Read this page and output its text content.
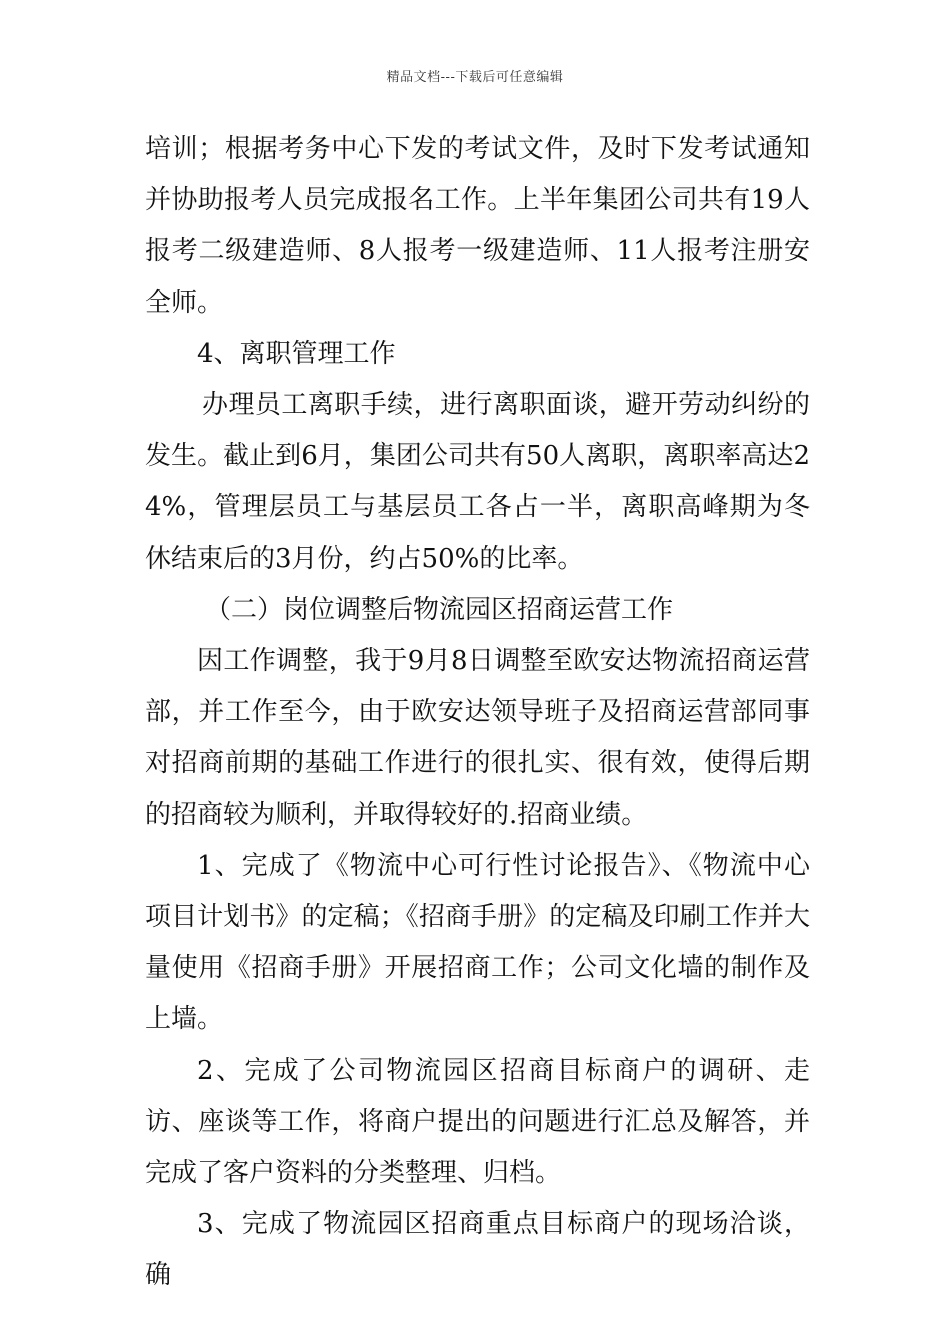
精品文档---下载后可任意编辑

培训；根据考务中心下发的考试文件，及时下发考试通知并协助报考人员完成报名工作。上半年集团公司共有19人报考二级建造师、8人报考一级建造师、11人报考注册安全师。

4、离职管理工作

办理员工离职手续，进行离职面谈，避开劳动纠纷的发生。截止到6月，集团公司共有50人离职，离职率高达24%，管理层员工与基层员工各占一半，离职高峰期为冬休结束后的3月份，约占50%的比率。

（二）岗位调整后物流园区招商运营工作

因工作调整，我于9月8日调整至欧安达物流招商运营部，并工作至今，由于欧安达领导班子及招商运营部同事对招商前期的基础工作进行的很扎实、很有效，使得后期的招商较为顺利，并取得较好的.招商业绩。

1、完成了《物流中心可行性讨论报告》、《物流中心项目计划书》的定稿；《招商手册》的定稿及印刷工作并大量使用《招商手册》开展招商工作；公司文化墙的制作及上墙。

2、完成了公司物流园区招商目标商户的调研、走访、座谈等工作，将商户提出的问题进行汇总及解答，并完成了客户资料的分类整理、归档。

3、完成了物流园区招商重点目标商户的现场洽谈，确
